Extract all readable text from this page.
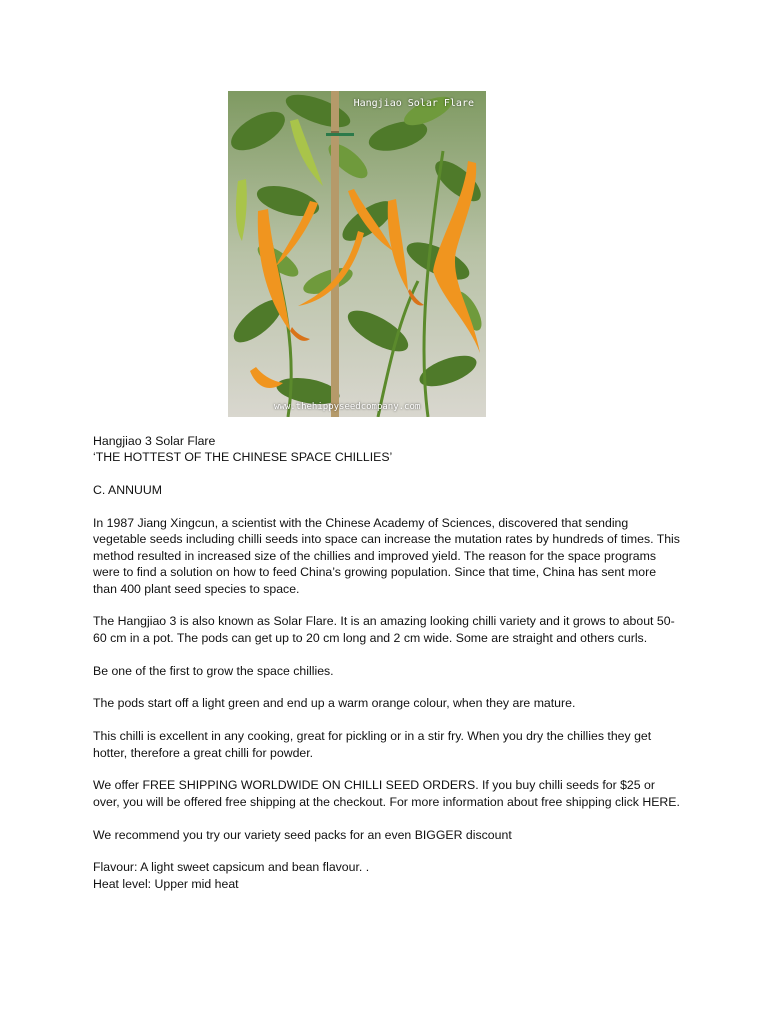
Hangjiao Solar Flare
www.thehippyseedcompany.com

Hangjiao 3 Solar Flare

‘THE HOTTEST OF THE CHINESE SPACE CHILLIES’

C. ANNUUM

In 1987 Jiang Xingcun, a scientist with the Chinese Academy of Sciences, discovered that sending vegetable seeds including chilli seeds into space can increase the mutation rates by hundreds of times. This method resulted in increased size of the chillies and improved yield. The reason for the space programs were to find a solution on how to feed China’s growing population. Since that time, China has sent more than 400 plant seed species to space.

The Hangjiao 3 is also known as Solar Flare. It is an amazing looking chilli variety and it grows to about 50-60 cm in a pot. The pods can get up to 20 cm long and 2 cm wide. Some are straight and others curls.

Be one of the first to grow the space chillies.

The pods start off a light green and end up a warm orange colour, when they are mature.

This chilli is excellent in any cooking, great for pickling or in a stir fry. When you dry the chillies they get hotter, therefore a great chilli for powder.

We offer FREE SHIPPING WORLDWIDE ON CHILLI SEED ORDERS. If you buy chilli seeds for $25 or over, you will be offered free shipping at the checkout. For more information about free shipping click HERE.

We recommend you try our variety seed packs for an even BIGGER discount

Flavour: A light sweet capsicum and bean flavour. .

Heat level: Upper mid heat
